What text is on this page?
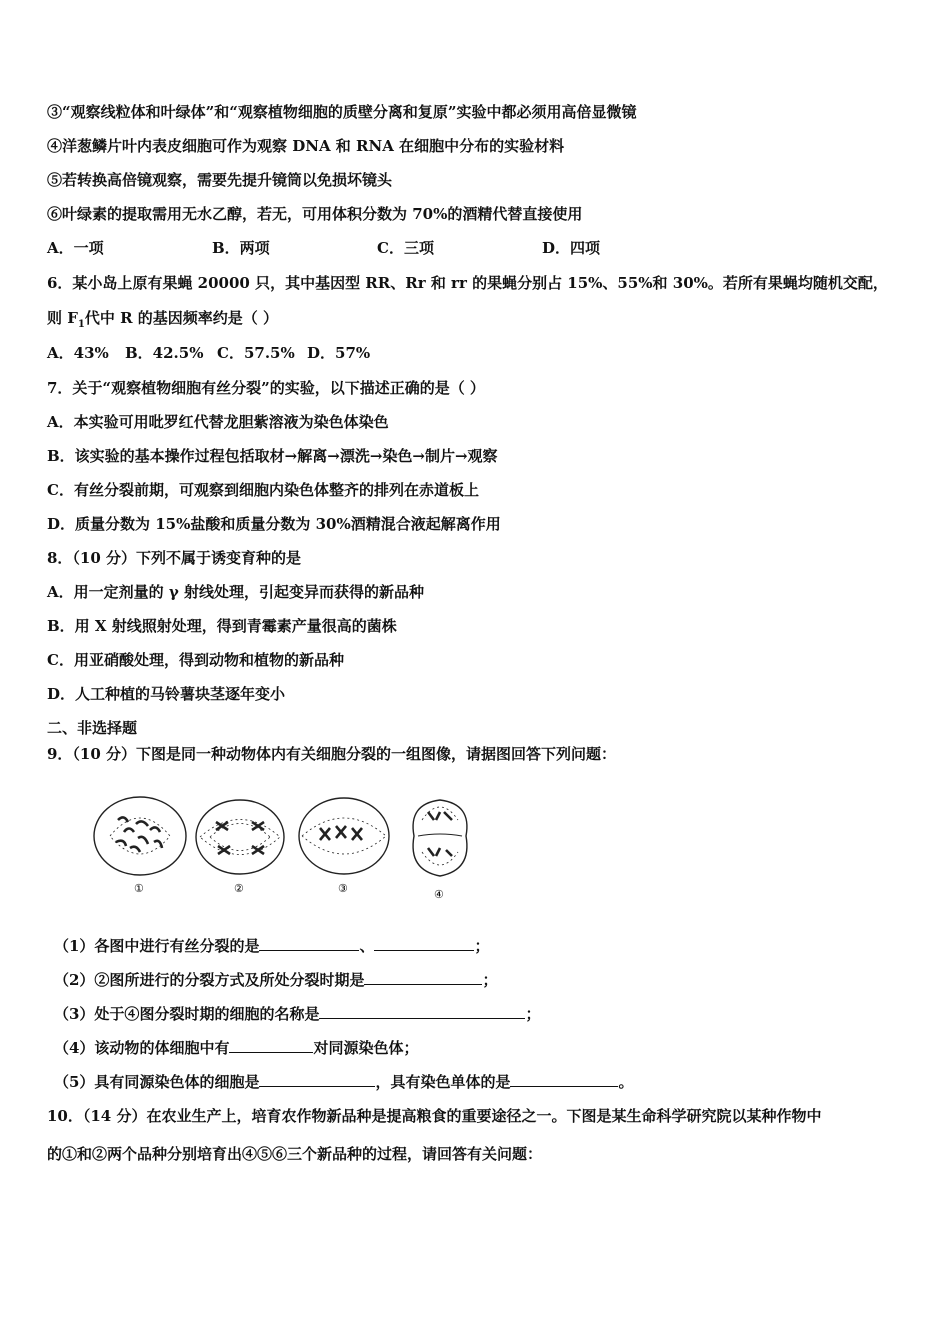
③“观察线粒体和叶绿体”和“观察植物细胞的质壁分离和复原”实验中都必须用高倍显微镜
④洋葱鳞片叶内表皮细胞可作为观察 DNA 和 RNA 在细胞中分布的实验材料
⑤若转换高倍镜观察，需要先提升镜筒以免损坏镜头
⑥叶绿素的提取需用无水乙醇，若无，可用体积分数为 70%的酒精代替直接使用
A．一项	B．两项	C．三项	D．四项
6．某小岛上原有果蝇 20000 只，其中基因型 RR、Rr 和 rr 的果蝇分别占 15%、55%和 30%。若所有果蝇均随机交配，
则 $F_1$代中 R 的基因频率约是（ ）
A．43% B．42.5% C．57.5% D．57%
7．关于“观察植物细胞有丝分裂”的实验，以下描述正确的是（ ）
A．本实验可用吡罗红代替龙胆紫溶液为染色体染色
B．该实验的基本操作过程包括取材→解离→漂洗→染色→制片→观察
C．有丝分裂前期，可观察到细胞内染色体整齐的排列在赤道板上
D．质量分数为 15%盐酸和质量分数为 30%酒精混合液起解离作用
8．（10 分）下列不属于诱变育种的是
A．用一定剂量的 γ 射线处理，引起变异而获得的新品种
B．用 X 射线照射处理，得到青霉素产量很高的菌株
C．用亚硝酸处理，得到动物和植物的新品种
D．人工种植的马铃薯块茎逐年变小
二、非选择题
9．（10 分）下图是同一种动物体内有关细胞分裂的一组图像，请据图回答下列问题：
①	②	③	④
（1）各图中进行有丝分裂的是	、	；
（2）②图所进行的分裂方式及所处分裂时期是	；
（3）处于④图分裂时期的细胞的名称是	；
（4）该动物的体细胞中有	对同源染色体；
（5）具有同源染色体的细胞是	，具有染色单体的是	。
10．（14 分）在农业生产上，培育农作物新品种是提高粮食的重要途径之一。下图是某生命科学研究院以某种作物中
的①和②两个品种分别培育出④⑤⑥三个新品种的过程，请回答有关问题：
